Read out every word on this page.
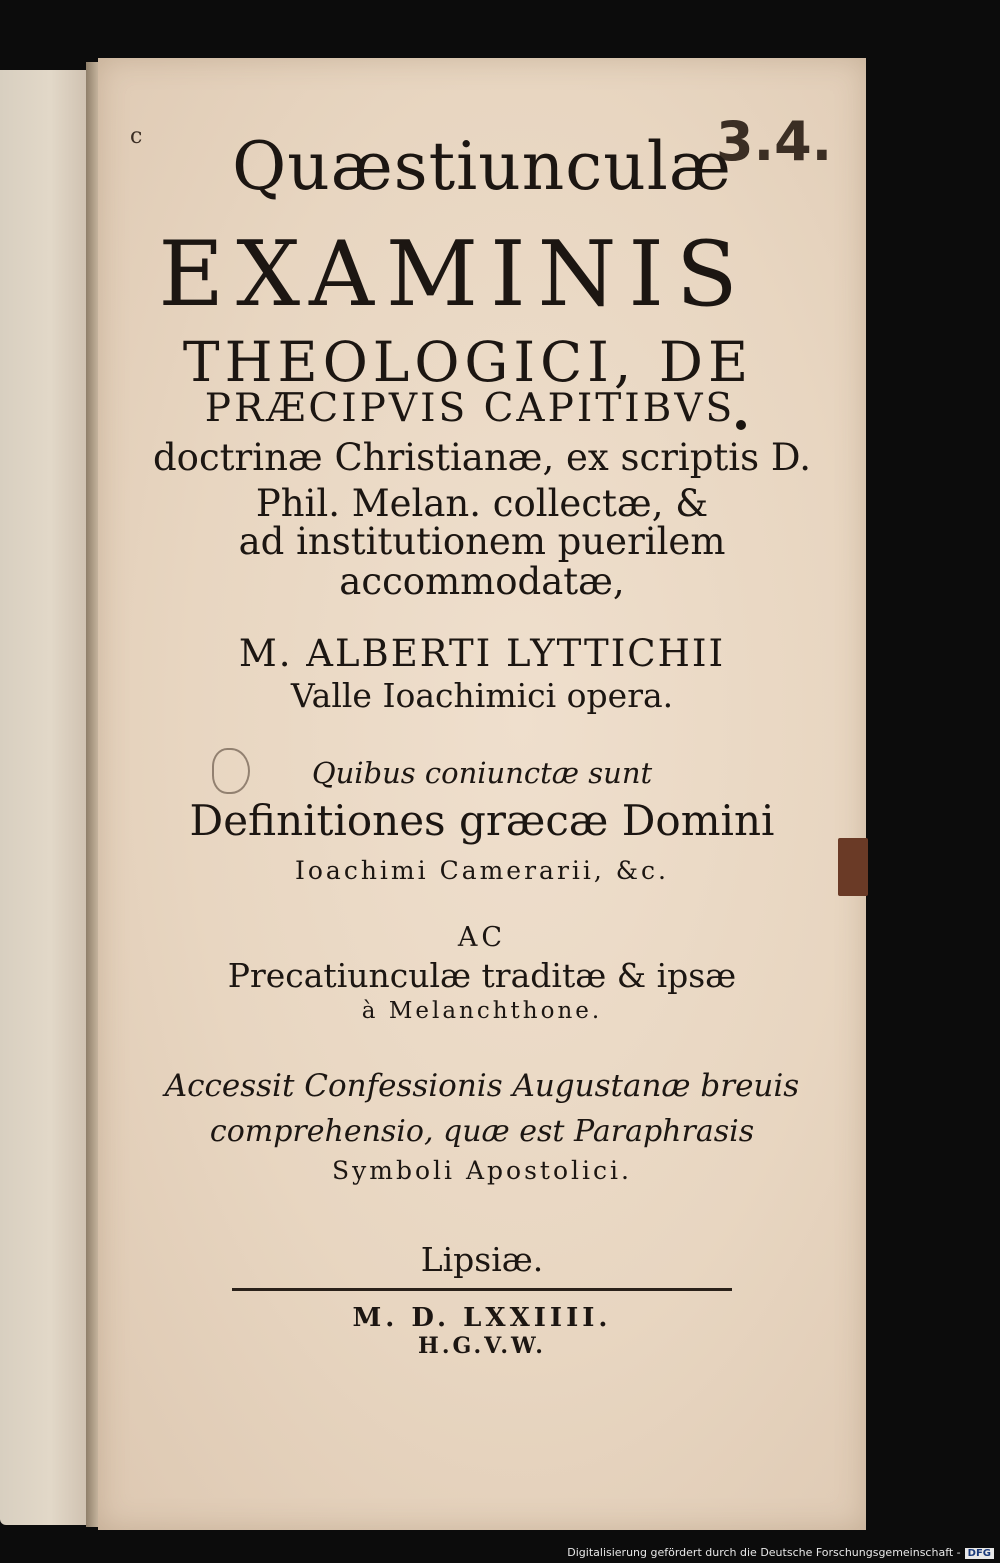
c	3.4.

Quæstiunculæ

EXAMINIS

THEOLOGICI, DE

PRÆCIPVIS CAPITIBVS

doctrinæ Christianæ, ex scriptis D.

Phil. Melan. collectæ, &

ad institutionem puerilem

accommodatæ,

M. ALBERTI LYTTICHII

Valle Ioachimici opera.

Quibus coniunctæ sunt

Definitiones græcæ Domini

Ioachimi Camerarii, &c.

AC

Precatiunculæ traditæ & ipsæ

à Melanchthone.

Accessit Confessionis Augustanæ breuis

comprehensio, quæ est Paraphrasis

Symboli Apostolici.

Lipsiæ.

M. D. LXXIIII.

H.G.V.W.

Digitalisierung gefördert durch die Deutsche Forschungsgemeinschaft - DFG
